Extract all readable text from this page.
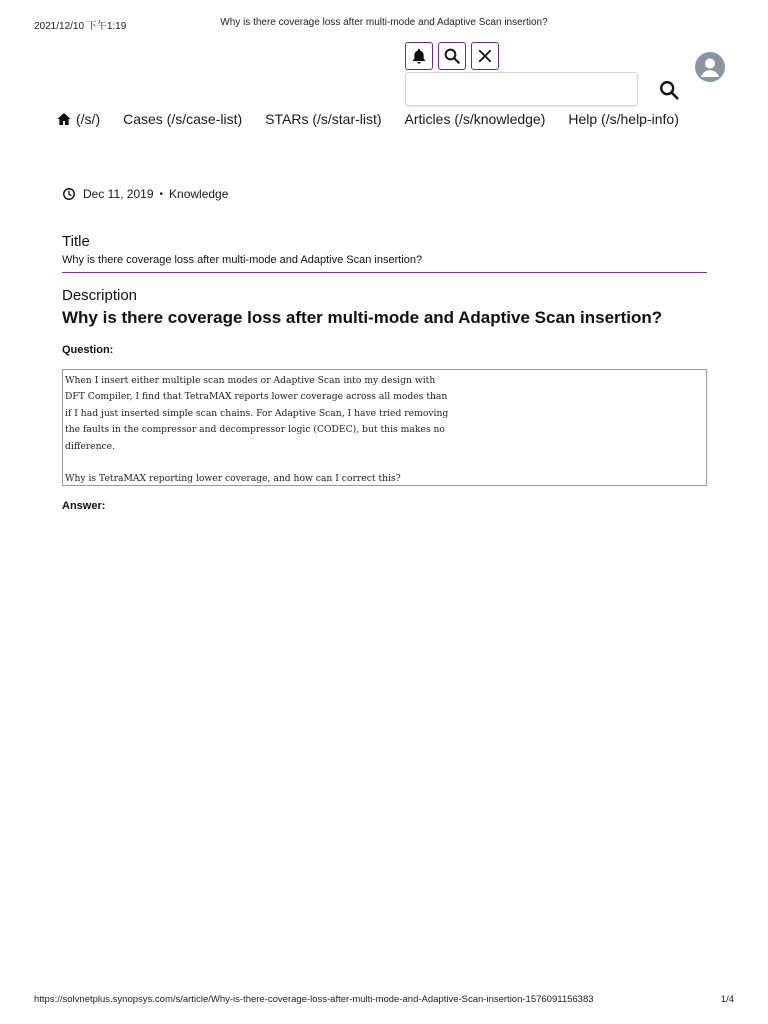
2021/12/10 下午1:19	Why is there coverage loss after multi-mode and Adaptive Scan insertion?
(/s/) Cases (/s/case-list) STARs (/s/star-list) Articles (/s/knowledge) Help (/s/help-info)
Dec 11, 2019 • Knowledge
Title
Why is there coverage loss after multi-mode and Adaptive Scan insertion?
Description
Why is there coverage loss after multi-mode and Adaptive Scan insertion?
Question:
When I insert either multiple scan modes or Adaptive Scan into my design with
DFT Compiler, I find that TetraMAX reports lower coverage across all modes than
if I had just inserted simple scan chains. For Adaptive Scan, I have tried removing
the faults in the compressor and decompressor logic (CODEC), but this makes no
difference.

Why is TetraMAX reporting lower coverage, and how can I correct this?
Answer:
https://solvnetplus.synopsys.com/s/article/Why-is-there-coverage-loss-after-multi-mode-and-Adaptive-Scan-insertion-1576091156383	1/4
